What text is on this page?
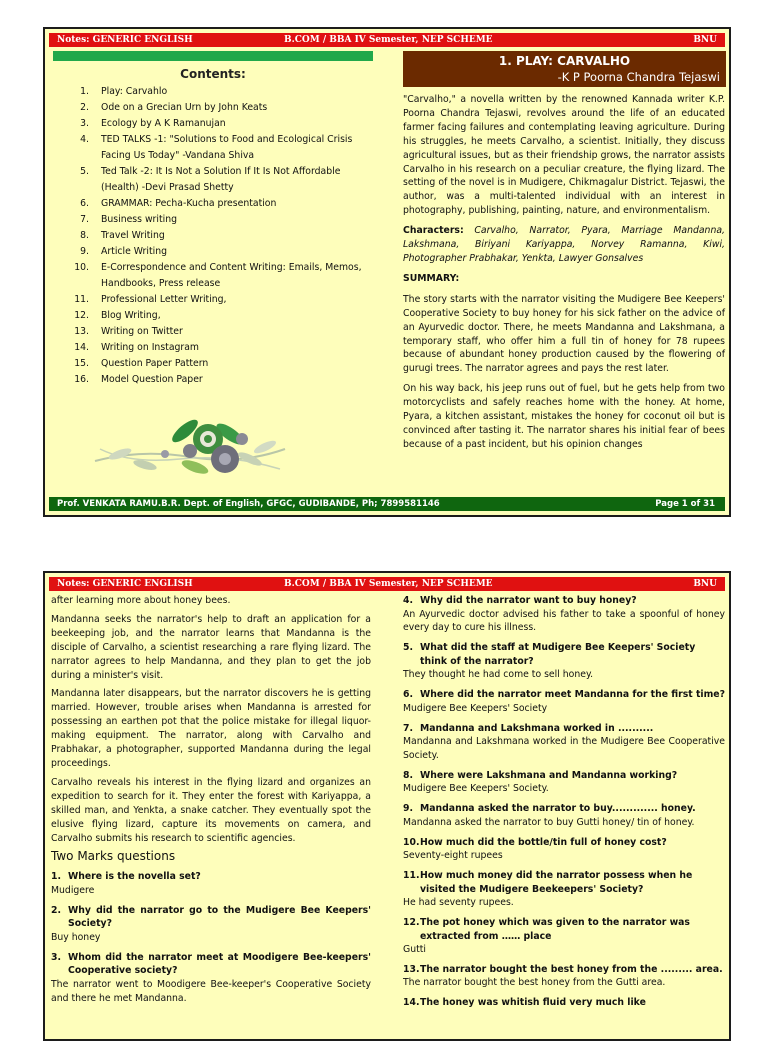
Notes: GENERIC ENGLISH	B.COM / BBA IV Semester, NEP SCHEME	BNU
Contents:
1. Play: Carvahlo
2. Ode on a Grecian Urn by John Keats
3. Ecology by A K Ramanujan
4. TED TALKS -1: "Solutions to Food and Ecological Crisis Facing Us Today" -Vandana Shiva
5. Ted Talk -2: It Is Not a Solution If It Is Not Affordable (Health) -Devi Prasad Shetty
6. GRAMMAR: Pecha-Kucha presentation
7. Business writing
8. Travel Writing
9. Article Writing
10. E-Correspondence and Content Writing: Emails, Memos, Handbooks, Press release
11. Professional Letter Writing,
12. Blog Writing,
13. Writing on Twitter
14. Writing on Instagram
15. Question Paper Pattern
16. Model Question Paper
1. PLAY: CARVALHO
-K P Poorna Chandra Tejaswi

"Carvalho," a novella written by the renowned Kannada writer K.P. Poorna Chandra Tejaswi, revolves around the life of an educated farmer facing failures and contemplating leaving agriculture. During his struggles, he meets Carvalho, a scientist. Initially, they discuss agricultural issues, but as their friendship grows, the narrator assists Carvalho in his research on a peculiar creature, the flying lizard. The setting of the novel is in Mudigere, Chikmagalur District. Tejaswi, the author, was a multi-talented individual with an interest in photography, publishing, painting, nature, and environmentalism.

Characters: Carvalho, Narrator, Pyara, Marriage Mandanna, Lakshmana, Biriyani Kariyappa, Norvey Ramanna, Kiwi, Photographer Prabhakar, Yenkta, Lawyer Gonsalves

SUMMARY:

The story starts with the narrator visiting the Mudigere Bee Keepers' Cooperative Society to buy honey for his sick father on the advice of an Ayurvedic doctor. There, he meets Mandanna and Lakshmana, a temporary staff, who offer him a full tin of honey for 78 rupees because of abundant honey production caused by the flowering of gurugi trees. The narrator agrees and pays the rest later.

On his way back, his jeep runs out of fuel, but he gets help from two motorcyclists and safely reaches home with the honey. At home, Pyara, a kitchen assistant, mistakes the honey for coconut oil but is convinced after tasting it. The narrator shares his initial fear of bees because of a past incident, but his opinion changes

Prof. VENKATA RAMU.B.R. Dept. of English, GFGC, GUDIBANDE, Ph; 7899581146	Page 1 of 31
Notes: GENERIC ENGLISH	B.COM / BBA IV Semester, NEP SCHEME	BNU

after learning more about honey bees.

Mandanna seeks the narrator's help to draft an application for a beekeeping job, and the narrator learns that Mandanna is the disciple of Carvalho, a scientist researching a rare flying lizard. The narrator agrees to help Mandanna, and they plan to get the job during a minister's visit.

Mandanna later disappears, but the narrator discovers he is getting married. However, trouble arises when Mandanna is arrested for possessing an earthen pot that the police mistake for illegal liquor-making equipment. The narrator, along with Carvalho and Prabhakar, a photographer, supported Mandanna during the legal proceedings.

Carvalho reveals his interest in the flying lizard and organizes an expedition to search for it. They enter the forest with Kariyappa, a skilled man, and Yenkta, a snake catcher. They eventually spot the elusive flying lizard, capture its movements on camera, and Carvalho submits his research to scientific agencies.

Two Marks questions
1. Where is the novella set?
Mudigere
2. Why did the narrator go to the Mudigere Bee Keepers' Society?
Buy honey
3. Whom did the narrator meet at Moodigere Bee-keepers' Cooperative society?
The narrator went to Moodigere Bee-keeper's Cooperative Society and there he met Mandanna.
4. Why did the narrator want to buy honey?
An Ayurvedic doctor advised his father to take a spoonful of honey every day to cure his illness.
5. What did the staff at Mudigere Bee Keepers' Society think of the narrator?
They thought he had come to sell honey.
6. Where did the narrator meet Mandanna for the first time?
Mudigere Bee Keepers' Society
7. Mandanna and Lakshmana worked in ..........
Mandanna and Lakshmana worked in the Mudigere Bee Cooperative Society.
8. Where were Lakshmana and Mandanna working?
Mudigere Bee Keepers' Society.
9. Mandanna asked the narrator to buy............. honey.
Mandanna asked the narrator to buy Gutti honey/ tin of honey.
10. How much did the bottle/tin full of honey cost?
Seventy-eight rupees
11. How much money did the narrator possess when he visited the Mudigere Beekeepers' Society?
He had seventy rupees.
12. The pot honey which was given to the narrator was extracted from …… place
Gutti
13. The narrator bought the best honey from the ......... area.
The narrator bought the best honey from the Gutti area.
14. The honey was whitish fluid very much like
